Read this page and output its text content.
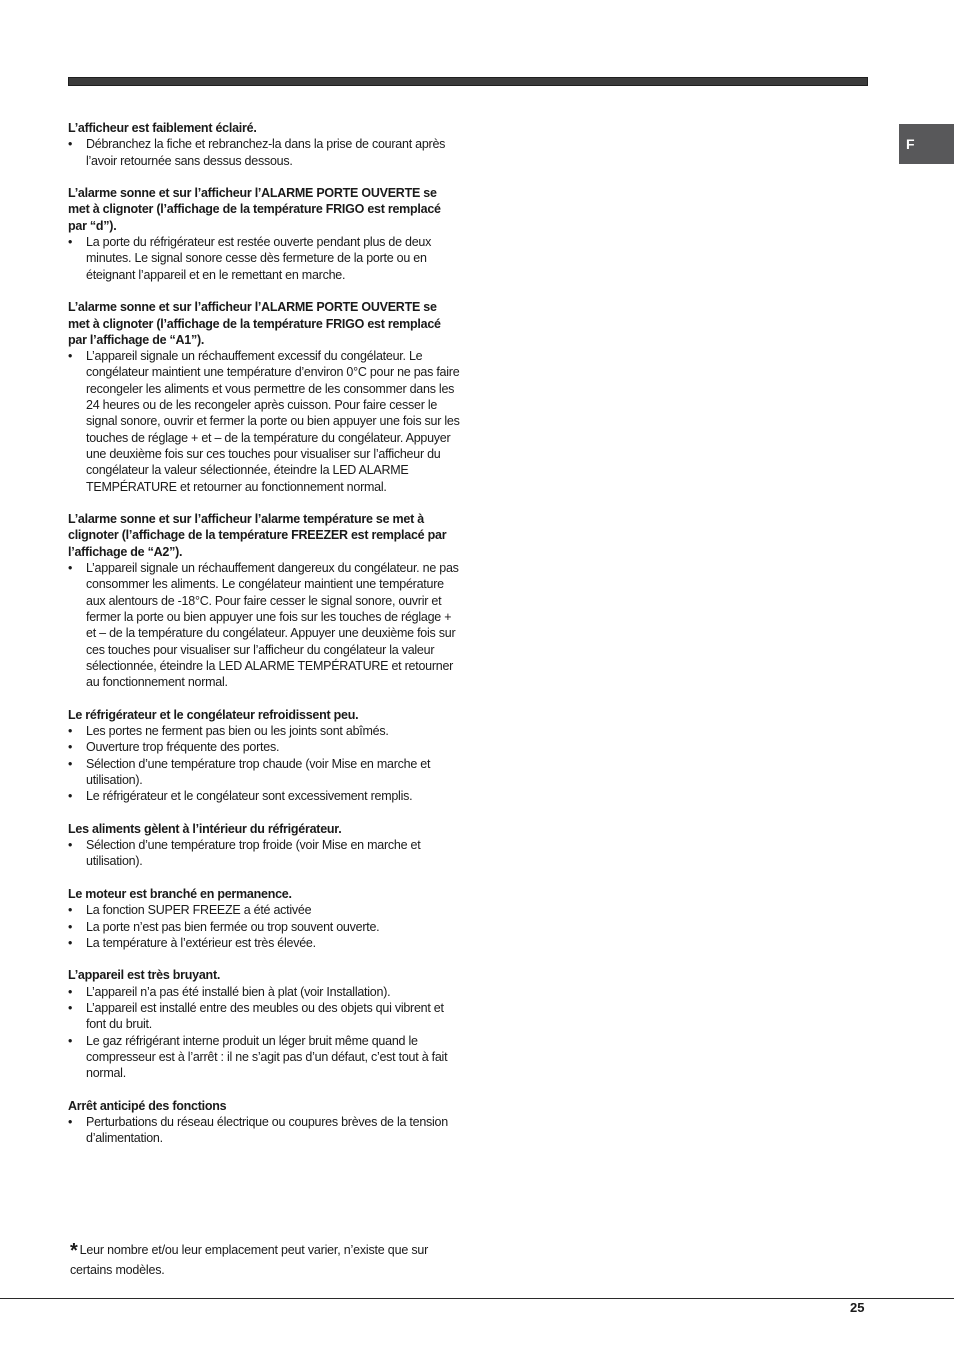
F

L’afficheur est faiblement éclairé.

• Débranchez la fiche et rebranchez-la dans la prise de courant après l’avoir retournée sans dessus dessous.

L’alarme sonne et sur l’afficheur l’ALARME PORTE OUVERTE se met à clignoter (l’affichage de la température FRIGO est remplacé par “d”).

• La porte du réfrigérateur est restée ouverte pendant plus de deux minutes. Le signal sonore cesse dès fermeture de la porte ou en éteignant l’appareil et en le remettant en marche.

L’alarme sonne et sur l’afficheur l’ALARME PORTE OUVERTE se met à clignoter (l’affichage de la température FRIGO est remplacé par l’affichage de “A1”).

• L’appareil signale un réchauffement excessif du congélateur. Le congélateur maintient une température d’environ 0°C pour ne pas faire recongeler les aliments et vous permettre de les consommer dans les 24 heures ou de les recongeler après cuisson. Pour faire cesser le signal sonore, ouvrir et fermer la porte ou bien appuyer une fois sur les touches de réglage + et – de la température du congélateur. Appuyer une deuxième fois sur ces touches pour visualiser sur l’afficheur du congélateur la valeur sélectionnée, éteindre la LED ALARME TEMPÉRATURE et retourner au fonctionnement normal.

L’alarme sonne et sur l’afficheur l’alarme température se met à clignoter (l’affichage de la température FREEZER est remplacé par l’affichage de “A2”).

• L’appareil signale un réchauffement dangereux du congélateur. ne pas consommer les aliments. Le congélateur maintient une température aux alentours de -18°C. Pour faire cesser le signal sonore, ouvrir et fermer la porte ou bien appuyer une fois sur les touches de réglage + et – de la température du congélateur. Appuyer une deuxième fois sur ces touches pour visualiser sur l’afficheur du congélateur la valeur sélectionnée, éteindre la LED ALARME TEMPÉRATURE et retourner au fonctionnement normal.

Le réfrigérateur et le congélateur refroidissent peu.

• Les portes ne ferment pas bien ou les joints sont abîmés.
• Ouverture trop fréquente des portes.
• Sélection d’une température trop chaude (voir Mise en marche et utilisation).
• Le réfrigérateur et le congélateur sont excessivement remplis.

Les aliments gèlent à l’intérieur du réfrigérateur.

• Sélection d’une température trop froide (voir Mise en marche et utilisation).

Le moteur est branché en permanence.

• La fonction SUPER FREEZE a été activée
• La porte n’est pas bien fermée ou trop souvent ouverte.
• La température à l’extérieur est très élevée.

L’appareil est très bruyant.

• L’appareil n’a pas été installé bien à plat (voir Installation).
• L’appareil est installé entre des meubles ou des objets qui vibrent et font du bruit.
• Le gaz réfrigérant interne produit un léger bruit même quand le compresseur est à l’arrêt : il ne s’agit pas d’un défaut, c’est tout à fait normal.

Arrêt anticipé des fonctions

• Perturbations du réseau électrique ou coupures brèves de la tension d’alimentation.
* Leur nombre et/ou leur emplacement peut varier, n’existe que sur certains modèles.
25
